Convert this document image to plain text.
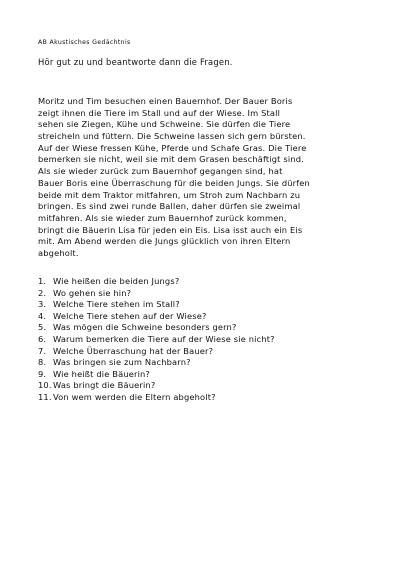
AB Akustisches Gedächtnis
Hör gut zu und beantworte dann die Fragen.
Moritz und Tim besuchen einen Bauernhof. Der Bauer Boris
zeigt ihnen die Tiere im Stall und auf der Wiese. Im Stall
sehen sie Ziegen, Kühe und Schweine. Sie dürfen die Tiere
streicheln und füttern. Die Schweine lassen sich gern bürsten.
Auf der Wiese fressen Kühe, Pferde und Schafe Gras. Die Tiere
bemerken sie nicht, weil sie mit dem Grasen beschäftigt sind.
Als sie wieder zurück zum Bauernhof gegangen sind, hat
Bauer Boris eine Überraschung für die beiden Jungs. Sie dürfen
beide mit dem Traktor mitfahren, um Stroh zum Nachbarn zu
bringen. Es sind zwei runde Ballen, daher dürfen sie zweimal
mitfahren. Als sie wieder zum Bauernhof zurück kommen,
bringt die Bäuerin Lisa für jeden ein Eis. Lisa isst auch ein Eis
mit. Am Abend werden die Jungs glücklich von ihren Eltern
abgeholt.
1. Wie heißen die beiden Jungs?
2. Wo gehen sie hin?
3. Welche Tiere stehen im Stall?
4. Welche Tiere stehen auf der Wiese?
5. Was mögen die Schweine besonders gern?
6. Warum bemerken die Tiere auf der Wiese sie nicht?
7. Welche Überraschung hat der Bauer?
8. Was bringen sie zum Nachbarn?
9. Wie heißt die Bäuerin?
10. Was bringt die Bäuerin?
11. Von wem werden die Eltern abgeholt?
